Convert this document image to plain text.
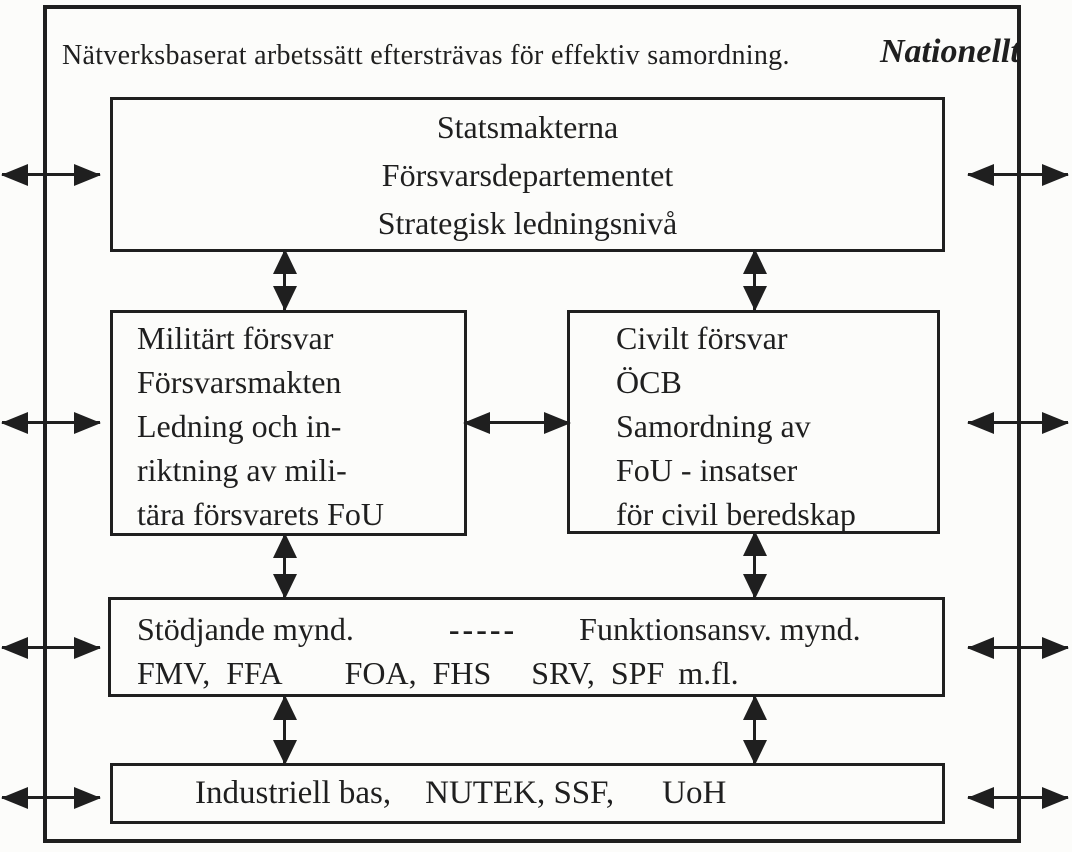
Nätverksbaserat arbetssätt eftersträvas för effektiv samordning.	Nationellt
Statsmakterna
Försvarsdepartementet
Strategisk ledningsnivå
Militärt försvar
Försvarsmakten
Ledning och in-
riktning av mili-
tära försvarets FoU
Civilt försvar
ÖCB
Samordning av
FoU - insatser
för civil beredskap
Stödjande mynd.	----- Funktionsansv. mynd.
FMV,  FFA FOA,  FHS SRV,  SPF m.fl.
Industriell bas, NUTEK, SSF, UoH
